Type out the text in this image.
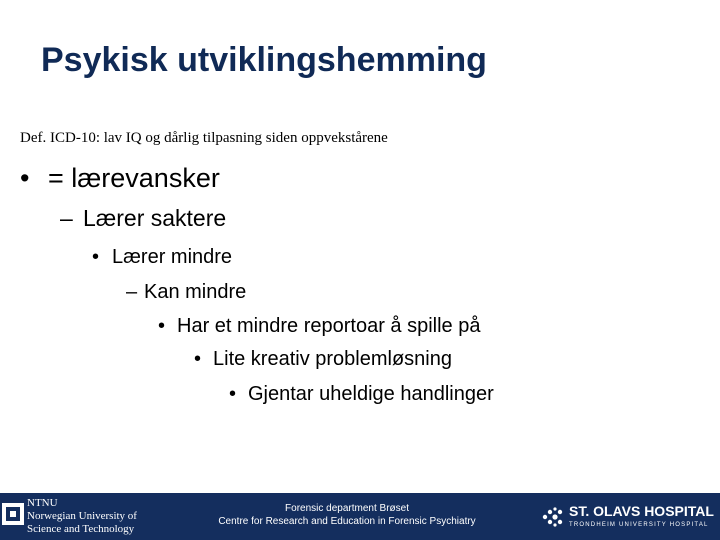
Psykisk utviklingshemming

Def. ICD-10: lav IQ og dårlig tilpasning siden oppvekstårene

• = lærevansker
– Lærer saktere
• Lærer mindre
– Kan mindre
• Har et mindre reportoar å spille på
• Lite kreativ problemløsning
• Gjentar uheldige handlinger
NTNU
Norwegian University of
Science and Technology
Forensic department Brøset
Centre for Research and Education in Forensic Psychiatry
ST. OLAVS HOSPITAL
TRONDHEIM UNIVERSITY HOSPITAL
